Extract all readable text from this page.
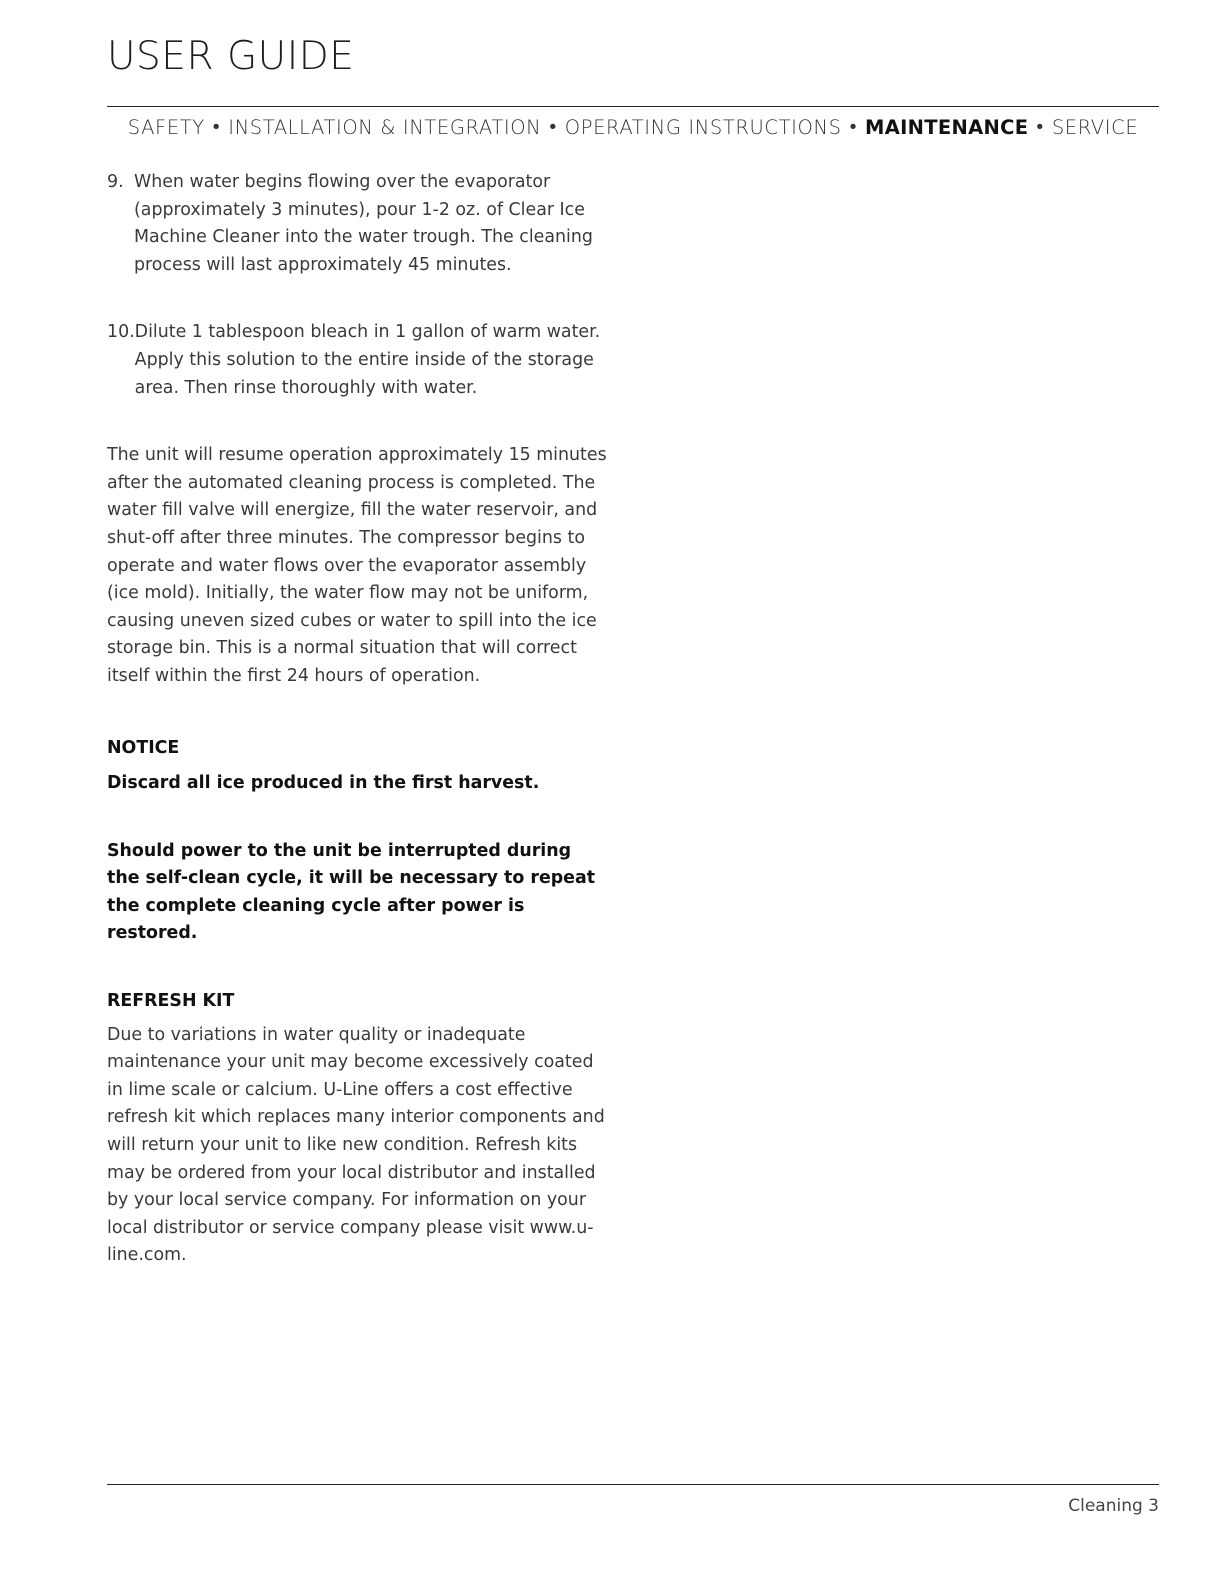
USER GUIDE
SAFETY • INSTALLATION & INTEGRATION • OPERATING INSTRUCTIONS • MAINTENANCE • SERVICE
9. When water begins flowing over the evaporator (approximately 3 minutes), pour 1-2 oz. of Clear Ice Machine Cleaner into the water trough. The cleaning process will last approximately 45 minutes.
10. Dilute 1 tablespoon bleach in 1 gallon of warm water. Apply this solution to the entire inside of the storage area. Then rinse thoroughly with water.

The unit will resume operation approximately 15 minutes after the automated cleaning process is completed. The water fill valve will energize, fill the water reservoir, and shut-off after three minutes. The compressor begins to operate and water flows over the evaporator assembly (ice mold). Initially, the water flow may not be uniform, causing uneven sized cubes or water to spill into the ice storage bin. This is a normal situation that will correct itself within the first 24 hours of operation.

NOTICE

Discard all ice produced in the first harvest.

Should power to the unit be interrupted during the self-clean cycle, it will be necessary to repeat the complete cleaning cycle after power is restored.

REFRESH KIT

Due to variations in water quality or inadequate maintenance your unit may become excessively coated in lime scale or calcium. U-Line offers a cost effective refresh kit which replaces many interior components and will return your unit to like new condition. Refresh kits may be ordered from your local distributor and installed by your local service company. For information on your local distributor or service company please visit www.u-line.com.

Cleaning 3
